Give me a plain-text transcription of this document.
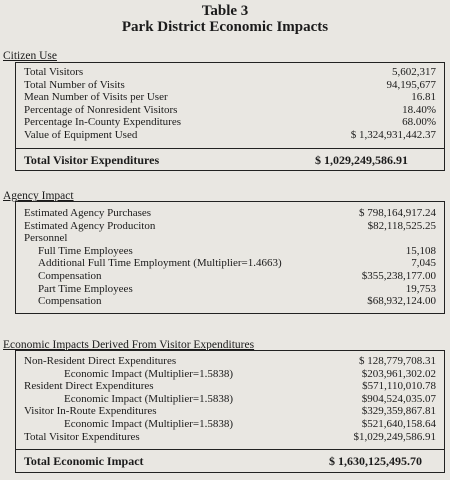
Table 3
Park District Economic Impacts
Citizen Use
Total Visitors	5,602,317
Total Number of Visits	94,195,677
Mean Number of Visits per User	16.81
Percentage of Nonresident Visitors	18.40%
Percentage In-County Expenditures	68.00%
Value of Equipment Used	$ 1,324,931,442.37
Total Visitor Expenditures	$ 1,029,249,586.91
Agency Impact
Estimated Agency Purchases	$ 798,164,917.24
Estimated Agency Produciton	$82,118,525.25
Personnel
Full Time Employees	15,108
Additional Full Time Employment (Multiplier=1.4663)	7,045
Compensation	$355,238,177.00
Part Time Employees	19,753
Compensation	$68,932,124.00
Economic Impacts Derived From Visitor Expenditures
Non-Resident Direct Expenditures	$ 128,779,708.31
Economic Impact (Multiplier=1.5838)	$203,961,302.02
Resident Direct Expenditures	$571,110,010.78
Economic Impact (Multiplier=1.5838)	$904,524,035.07
Visitor In-Route Expenditures	$329,359,867.81
Economic Impact (Multiplier=1.5838)	$521,640,158.64
Total Visitor Expenditures	$1,029,249,586.91
Total Economic Impact	$ 1,630,125,495.70
